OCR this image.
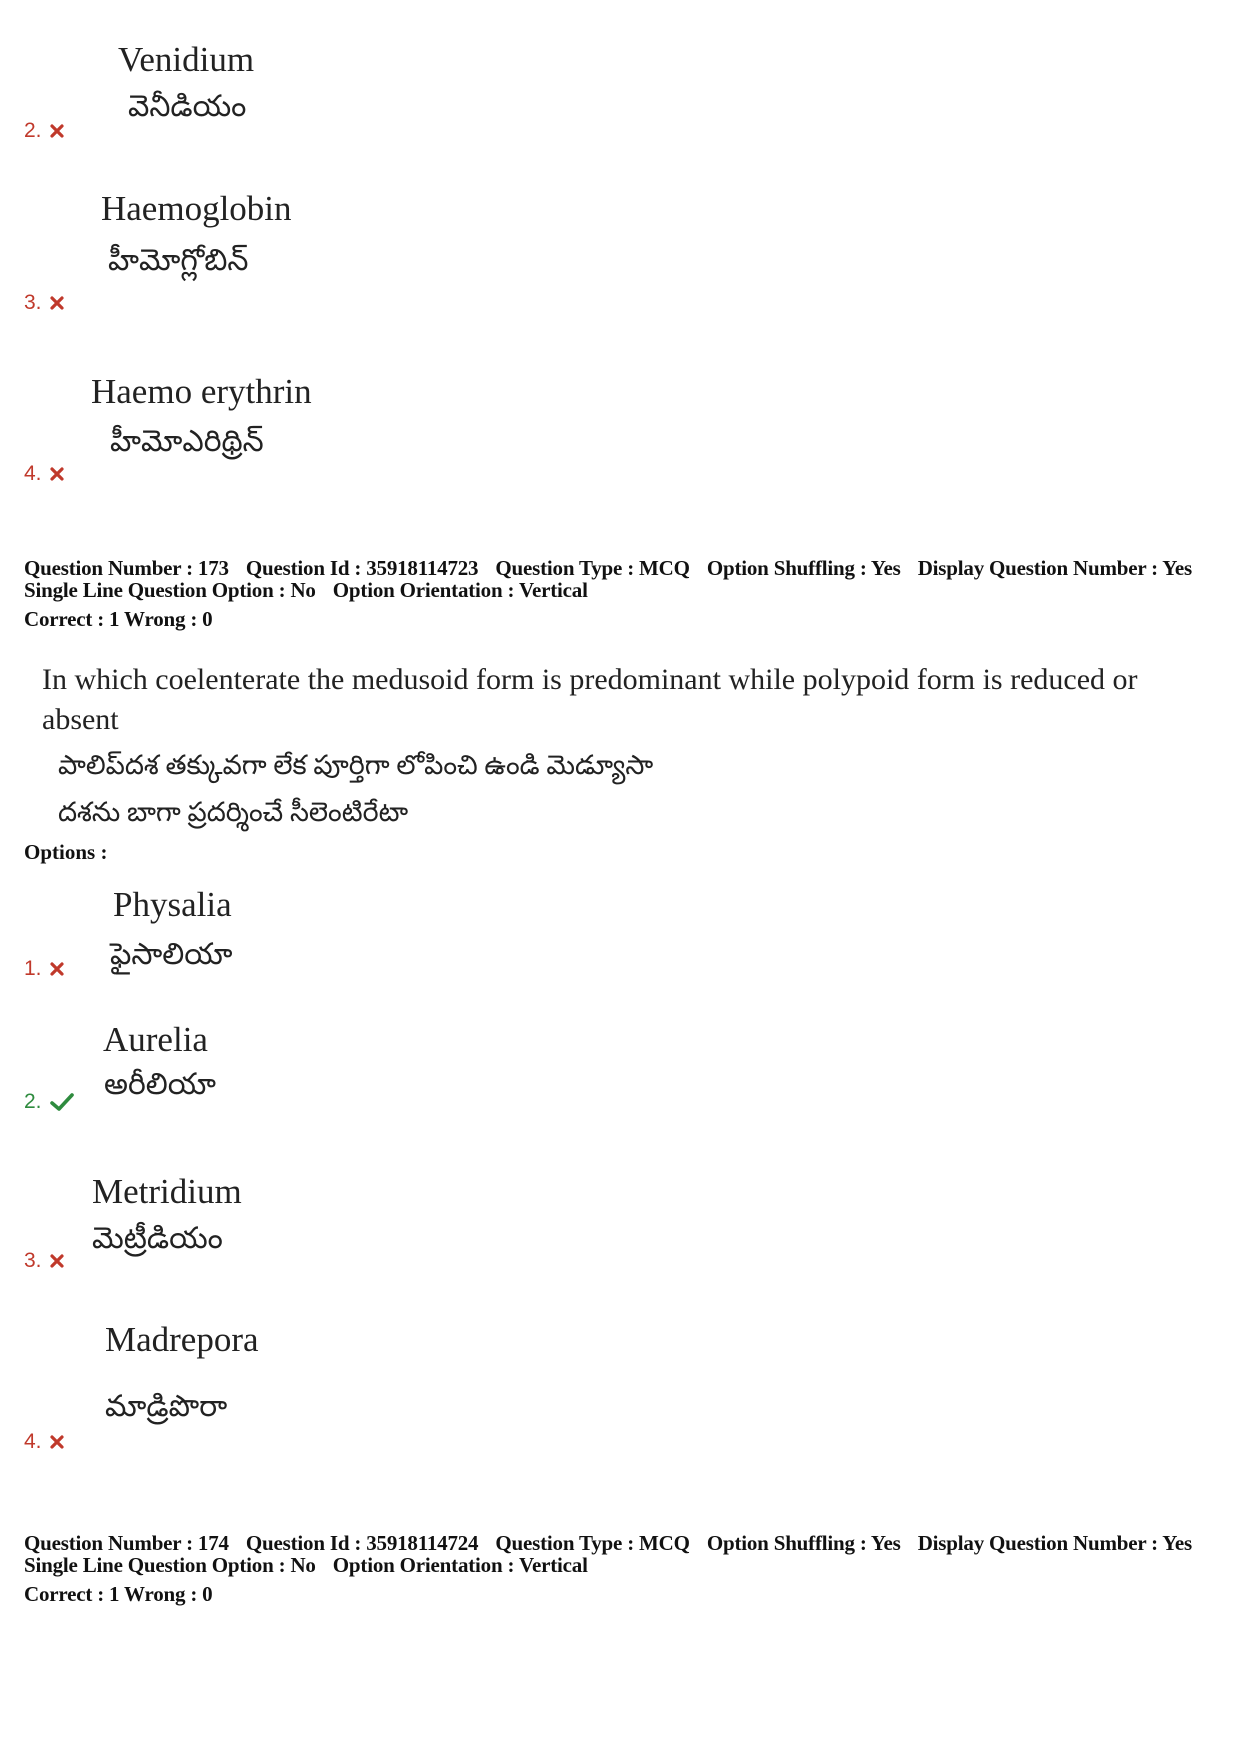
Venidium
వెనీడియం
2.
Haemoglobin
హీమోగ్లోబిన్
3.
Haemo erythrin
హీమోఎరిథ్రిన్
4.
Question Number : 173 Question Id : 35918114723 Question Type : MCQ Option Shuffling : Yes Display Question Number : Yes
Single Line Question Option : No Option Orientation : Vertical
Correct : 1 Wrong : 0
In which coelenterate the medusoid form is predominant while polypoid form is reduced or absent
పాలిప్‌దశ తక్కువగా లేక పూర్తిగా లోపించి ఉండి మెడ్యూసా
దశను బాగా ప్రదర్శించే సీలెంటిరేటా
Options :
Physalia
ఫైసాలియా
1.
Aurelia
అరీలియా
2.
Metridium
మెట్రీడియం
3.
Madrepora
మాడ్రిపొరా
4.
Question Number : 174 Question Id : 35918114724 Question Type : MCQ Option Shuffling : Yes Display Question Number : Yes
Single Line Question Option : No Option Orientation : Vertical
Correct : 1 Wrong : 0
